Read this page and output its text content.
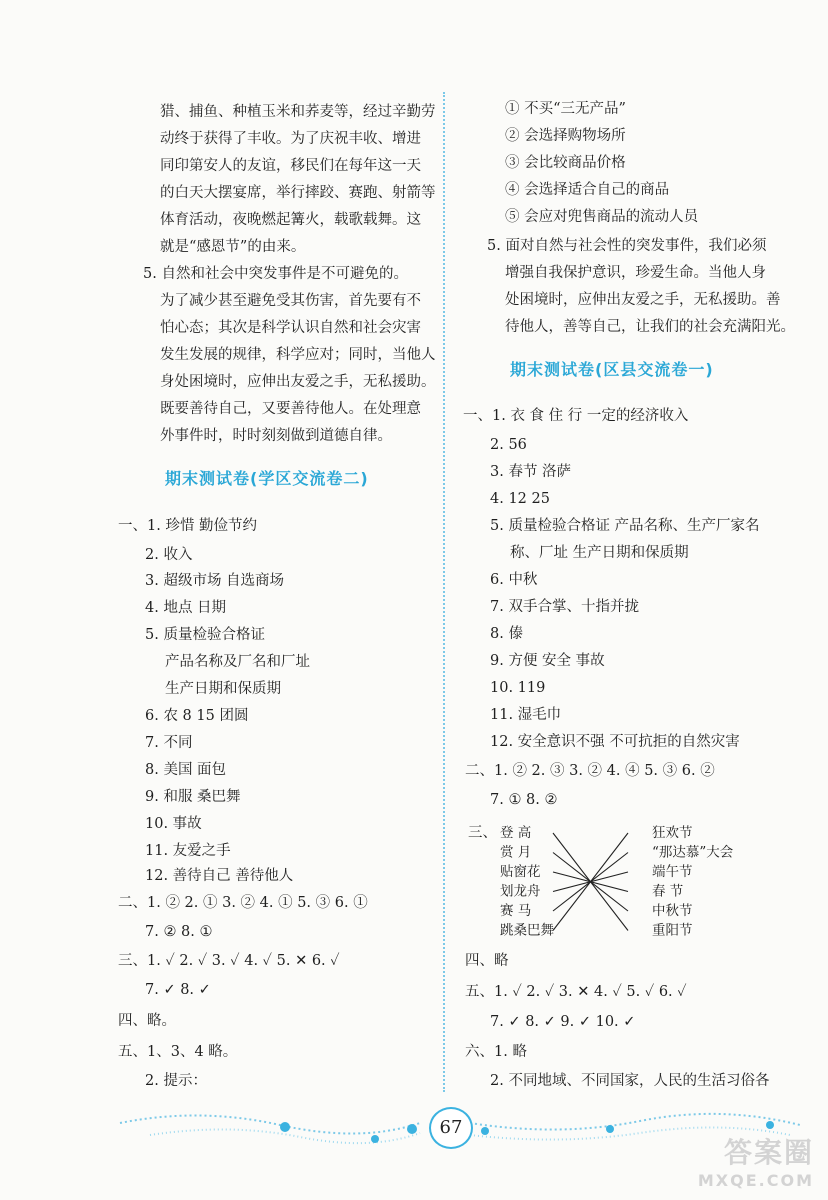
猎、捕鱼、种植玉米和荞麦等，经过辛勤劳
动终于获得了丰收。为了庆祝丰收、增进
同印第安人的友谊，移民们在每年这一天
的白天大摆宴席，举行摔跤、赛跑、射箭等
体育活动，夜晚燃起篝火，载歌载舞。这
就是“感恩节”的由来。
5. 自然和社会中突发事件是不可避免的。
为了减少甚至避免受其伤害，首先要有不
怕心态；其次是科学认识自然和社会灾害
发生发展的规律，科学应对；同时，当他人
身处困境时，应伸出友爱之手，无私援助。
既要善待自己，又要善待他人。在处理意
外事件时，时时刻刻做到道德自律。
期末测试卷(学区交流卷二)
一、1. 珍惜 勤俭节约
2. 收入
3. 超级市场 自选商场
4. 地点 日期
5. 质量检验合格证
产品名称及厂名和厂址
生产日期和保质期
6. 农 8 15 团圆
7. 不同
8. 美国 面包
9. 和服 桑巴舞
10. 事故
11. 友爱之手
12. 善待自己 善待他人
二、1. ② 2. ① 3. ② 4. ① 5. ③ 6. ①
7. ② 8. ①
三、1. ✓ 2. ✓ 3. ✓ 4. ✓ 5. ✕ 6. ✓
7. ✓ 8. ✓
四、略。
五、1、3、4 略。
2. 提示：
① 不买“三无产品”
② 会选择购物场所
③ 会比较商品价格
④ 会选择适合自己的商品
⑤ 会应对兜售商品的流动人员
5. 面对自然与社会性的突发事件，我们必须
增强自我保护意识，珍爱生命。当他人身
处困境时，应伸出友爱之手，无私援助。善
待他人，善等自己，让我们的社会充满阳光。
期末测试卷(区县交流卷一)
一、1. 衣 食 住 行 一定的经济收入
2. 56
3. 春节 洛萨
4. 12 25
5. 质量检验合格证 产品名称、生产厂家名
称、厂址 生产日期和保质期
6. 中秋
7. 双手合掌、十指并拢
8. 傣
9. 方便 安全 事故
10. 119
11. 湿毛巾
12. 安全意识不强 不可抗拒的自然灾害
二、1. ② 2. ③ 3. ② 4. ④ 5. ③ 6. ②
7. ① 8. ②
三、 登 高
赏 月
贴窗花
划龙舟
赛 马
跳桑巴舞
狂欢节
“那达慕”大会
端午节
春 节
中秋节
重阳节
四、略
五、1. ✓ 2. ✓ 3. ✕ 4. ✓ 5. ✓ 6. ✓
7. ✓ 8. ✓ 9. ✓ 10. ✓
六、1. 略
2. 不同地域、不同国家，人民的生活习俗各
67
答案圈
MXQE.COM
